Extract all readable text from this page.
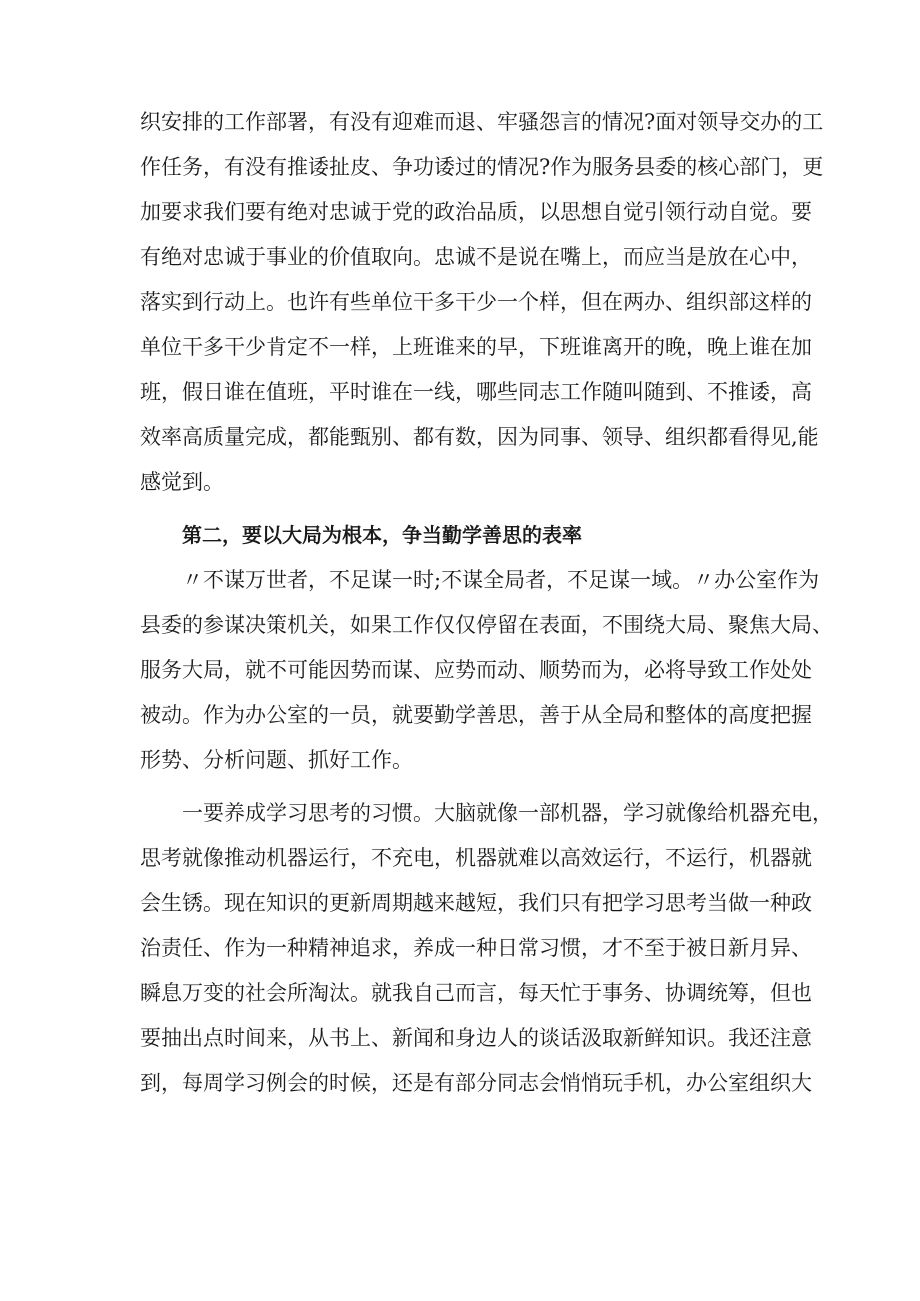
织安排的工作部署，有没有迎难而退、牢骚怨言的情况?面对领导交办的工
作任务，有没有推诿扯皮、争功诿过的情况?作为服务县委的核心部门，更
加要求我们要有绝对忠诚于党的政治品质，以思想自觉引领行动自觉。要
有绝对忠诚于事业的价值取向。忠诚不是说在嘴上，而应当是放在心中，
落实到行动上。也许有些单位干多干少一个样，但在两办、组织部这样的
单位干多干少肯定不一样，上班谁来的早，下班谁离开的晚，晚上谁在加
班，假日谁在值班，平时谁在一线，哪些同志工作随叫随到、不推诿，高
效率高质量完成，都能甄别、都有数，因为同事、领导、组织都看得见,能
感觉到。
第二，要以大局为根本，争当勤学善思的表率
〃不谋万世者，不足谋一时;不谋全局者，不足谋一域。〃办公室作为
县委的参谋决策机关，如果工作仅仅停留在表面，不围绕大局、聚焦大局、
服务大局，就不可能因势而谋、应势而动、顺势而为，必将导致工作处处
被动。作为办公室的一员，就要勤学善思，善于从全局和整体的高度把握
形势、分析问题、抓好工作。
一要养成学习思考的习惯。大脑就像一部机器，学习就像给机器充电，
思考就像推动机器运行，不充电，机器就难以高效运行，不运行，机器就
会生锈。现在知识的更新周期越来越短，我们只有把学习思考当做一种政
治责任、作为一种精神追求，养成一种日常习惯，才不至于被日新月异、
瞬息万变的社会所淘汰。就我自己而言，每天忙于事务、协调统筹，但也
要抽出点时间来，从书上、新闻和身边人的谈话汲取新鲜知识。我还注意
到，每周学习例会的时候，还是有部分同志会悄悄玩手机，办公室组织大
